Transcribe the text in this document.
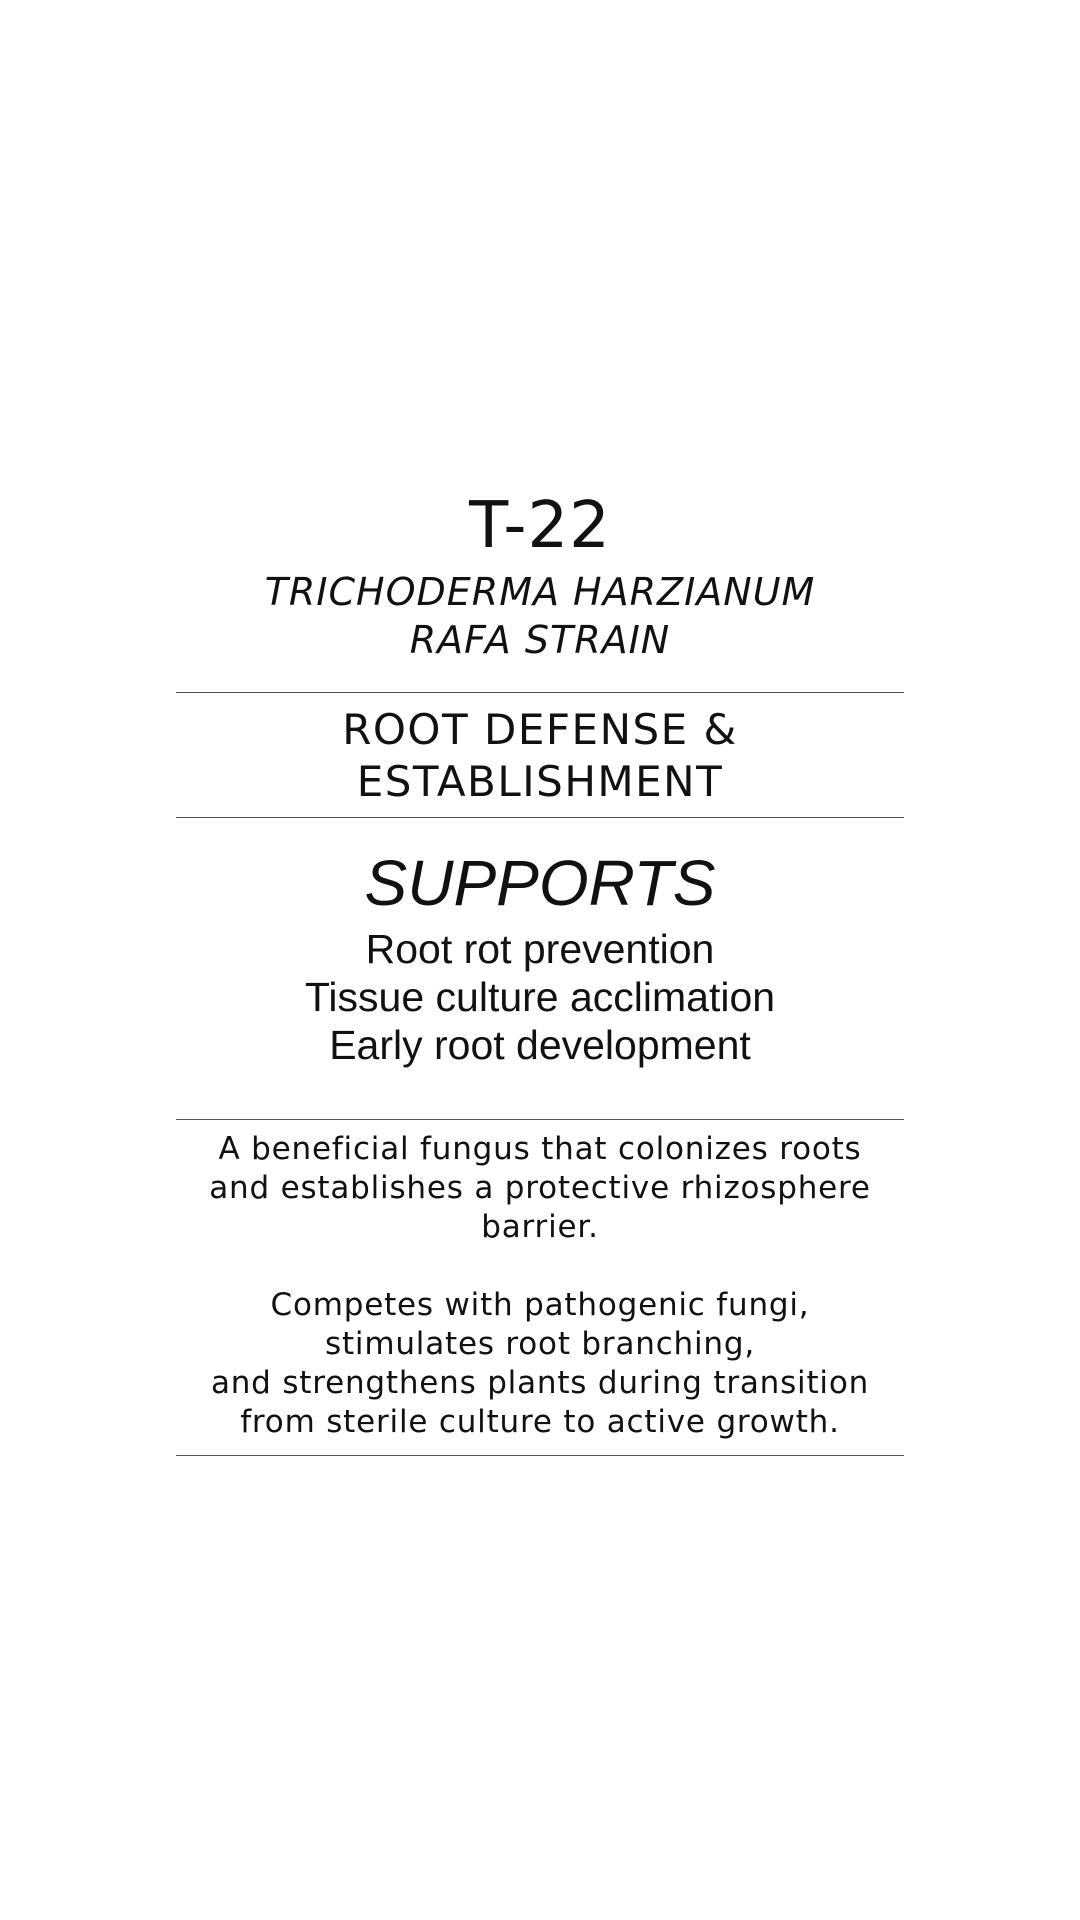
T-22
TRICHODERMA HARZIANUM
RAFA STRAIN
ROOT DEFENSE &
ESTABLISHMENT
SUPPORTS
Root rot prevention
Tissue culture acclimation
Early root development

A beneficial fungus that colonizes roots
and establishes a protective rhizosphere
barrier.

Competes with pathogenic fungi,
stimulates root branching,
and strengthens plants during transition
from sterile culture to active growth.
